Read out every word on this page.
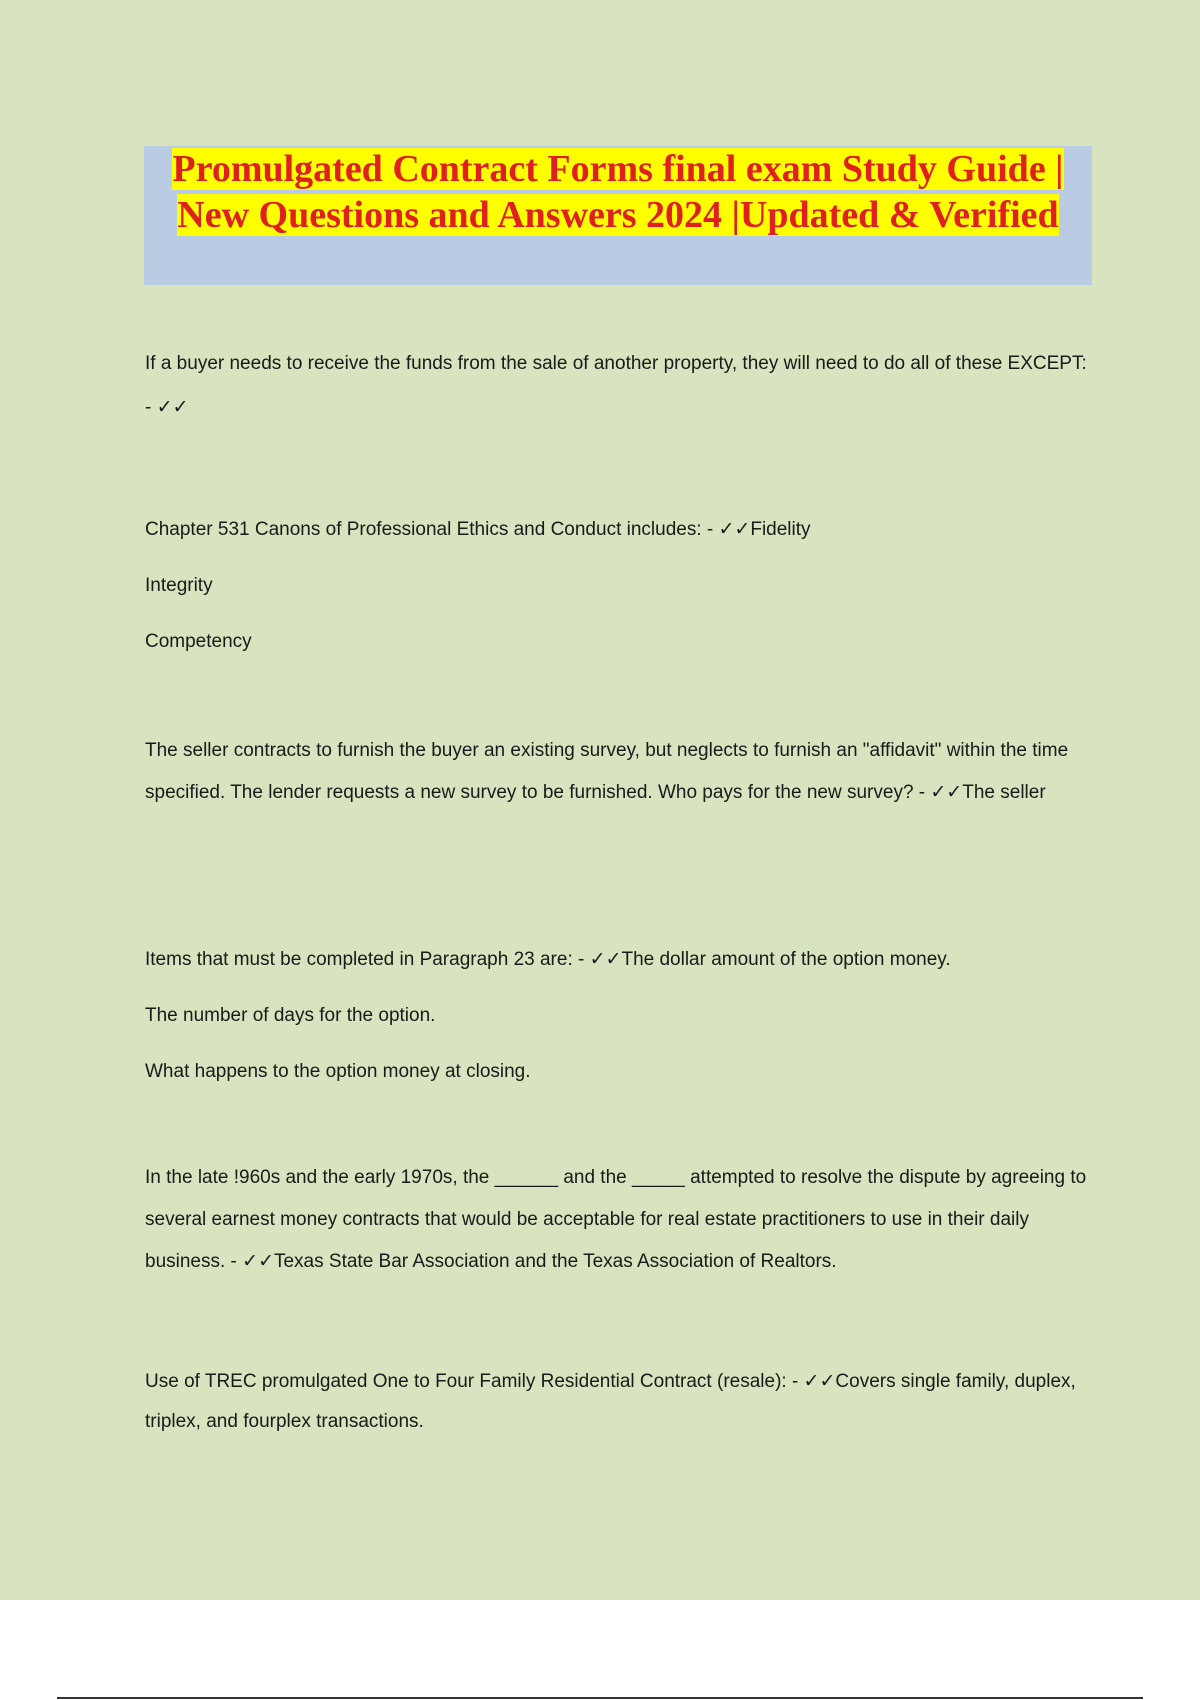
Promulgated Contract Forms final exam Study Guide | New Questions and Answers 2024 |Updated & Verified

If a buyer needs to receive the funds from the sale of another property, they will need to do all of these EXCEPT: - ✓✓

Chapter 531 Canons of Professional Ethics and Conduct includes: - ✓✓Fidelity

Integrity

Competency

The seller contracts to furnish the buyer an existing survey, but neglects to furnish an "affidavit" within the time specified. The lender requests a new survey to be furnished. Who pays for the new survey? - ✓✓The seller

Items that must be completed in Paragraph 23 are: - ✓✓The dollar amount of the option money.

The number of days for the option.

What happens to the option money at closing.

In the late !960s and the early 1970s, the ______ and the _____ attempted to resolve the dispute by agreeing to several earnest money contracts that would be acceptable for real estate practitioners to use in their daily business. - ✓✓Texas State Bar Association and the Texas Association of Realtors.

Use of TREC promulgated One to Four Family Residential Contract (resale): - ✓✓Covers single family, duplex, triplex, and fourplex transactions.
